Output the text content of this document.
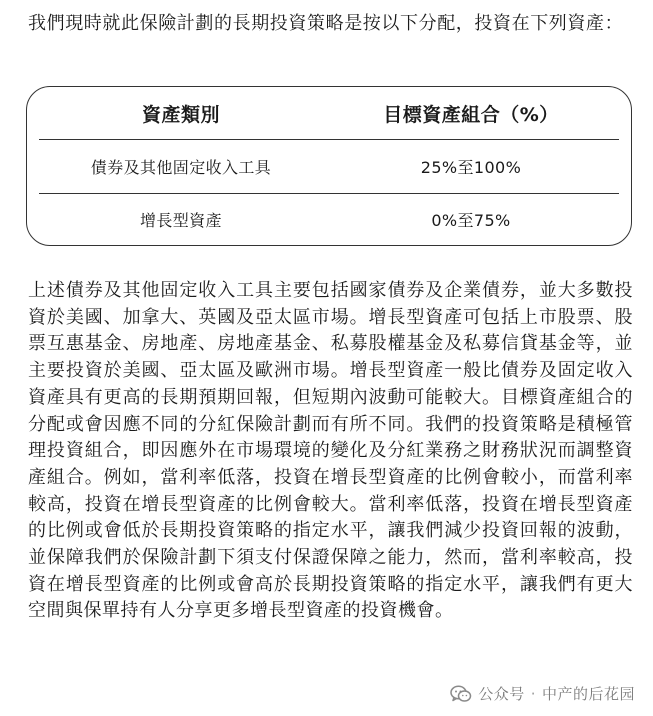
我們現時就此保險計劃的長期投資策略是按以下分配，投資在下列資產：

資產類別	目標資產組合（%）
債券及其他固定收入工具	25%至100%
增長型資產	0%至75%

上述債券及其他固定收入工具主要包括國家債券及企業債券，並大多數投資於美國、加拿大、英國及亞太區市場。增長型資產可包括上市股票、股票互惠基金、房地產、房地產基金、私募股權基金及私募信貸基金等，並主要投資於美國、亞太區及歐洲市場。增長型資產一般比債券及固定收入資產具有更高的長期預期回報，但短期內波動可能較大。目標資產組合的分配或會因應不同的分紅保險計劃而有所不同。我們的投資策略是積極管理投資組合，即因應外在市場環境的變化及分紅業務之財務狀況而調整資產組合。例如，當利率低落，投資在增長型資產的比例會較小，而當利率較高，投資在增長型資產的比例會較大。當利率低落，投資在增長型資產的比例或會低於長期投資策略的指定水平，讓我們減少投資回報的波動，並保障我們於保險計劃下須支付保證保障之能力，然而，當利率較高，投資在增長型資產的比例或會高於長期投資策略的指定水平，讓我們有更大空間與保單持有人分享更多增長型資產的投資機會。

公众号 · 中产的后花园
